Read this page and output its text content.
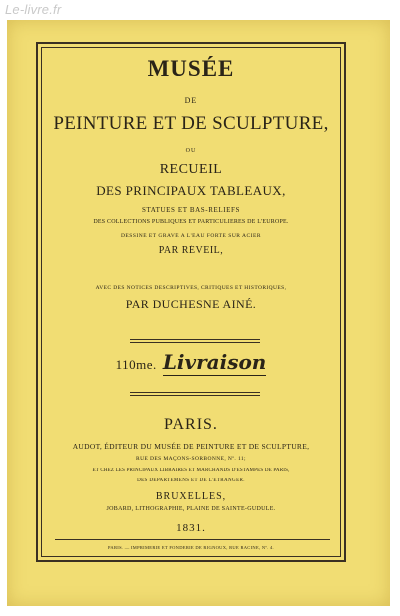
Le-livre.fr
MUSÉE
DE
PEINTURE ET DE SCULPTURE,
OU
RECUEIL
DES PRINCIPAUX TABLEAUX,
STATUES ET BAS-RELIEFS
DES COLLECTIONS PUBLIQUES ET PARTICULIÈRES DE L'EUROPE.
DESSINÉ ET GRAVÉ A L'EAU FORTE SUR ACIER
PAR RÉVEIL,
AVEC DES NOTICES DESCRIPTIVES, CRITIQUES ET HISTORIQUES,
PAR DUCHESNE AINÉ.
110me. Livraison
PARIS.
AUDOT, ÉDITEUR DU MUSÉE DE PEINTURE ET DE SCULPTURE,
RUE DES MAÇONS-SORBONNE, Nº. 11;
ET CHEZ LES PRINCIPAUX LIBRAIRES ET MARCHANDS D'ESTAMPES DE PARIS,
DES DÉPARTEMENS ET DE L'ÉTRANGER.
BRUXELLES,
JOBARD, LITHOGRAPHIE, PLAINE DE SAINTE-GUDULE.
1831.
PARIS. — IMPRIMERIE ET FONDERIE DE RIGNOUX, RUE RACINE, Nº. 4.
